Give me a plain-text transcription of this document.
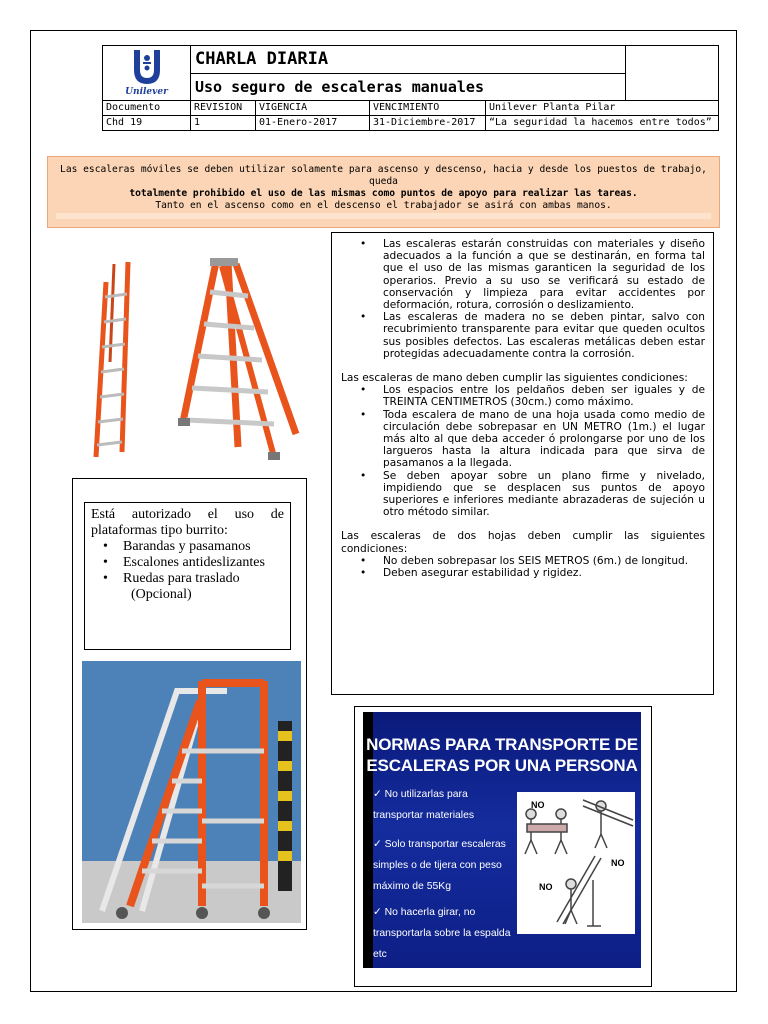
Unilever	CHARLA DIARIA				
	Uso seguro de escaleras manuales				
Documento	REVISION	VIGENCIA	VENCIMIENTO	Unilever Planta Pilar	
Chd 19	1	01-Enero-2017	31-Diciembre-2017	“La seguridad la hacemos entre todos”	

Las escaleras móviles se deben utilizar solamente para ascenso y descenso, hacia y desde los puestos de trabajo, queda

totalmente prohibido el uso de las mismas como puntos de apoyo para realizar las tareas.

Tanto en el ascenso como en el descenso el trabajador se asirá con ambas manos.

• Las escaleras estarán construidas con materiales y diseño adecuados a la función a que se destinarán, en forma tal que el uso de las mismas garanticen la seguridad de los operarios. Previo a su uso se verificará su estado de conservación y limpieza para evitar accidentes por deformación, rotura, corrosión o deslizamiento.
• Las escaleras de madera no se deben pintar, salvo con recubrimiento transparente para evitar que queden ocultos sus posibles defectos. Las escaleras metálicas deben estar protegidas adecuadamente contra la corrosión.

Las escaleras de mano deben cumplir las siguientes condiciones:

• Los espacios entre los peldaños deben ser iguales y de TREINTA CENTIMETROS (30cm.) como máximo.
• Toda escalera de mano de una hoja usada como medio de circulación debe sobrepasar en UN METRO (1m.) el lugar más alto al que deba acceder ó prolongarse por uno de los largueros hasta la altura indicada para que sirva de pasamanos a la llegada.
• Se deben apoyar sobre un plano firme y nivelado, impidiendo que se desplacen sus puntos de apoyo superiores e inferiores mediante abrazaderas de sujeción u otro método similar.

Las escaleras de dos hojas deben cumplir las siguientes condiciones:

• No deben sobrepasar los SEIS METROS (6m.) de longitud.
• Deben asegurar estabilidad y rigidez.

Está autorizado el uso de plataformas tipo burrito:

• Barandas y pasamanos
• Escalones antideslizantes
• Ruedas para traslado
(Opcional)
NORMAS PARA TRANSPORTE DE
ESCALERAS POR UNA PERSONA
✓ No utilizarlas para
transportar materiales
✓ Solo transportar escaleras
simples o de tijera con peso
máximo de 55Kg
✓ No hacerla girar, no
transportarla sobre la espalda
etc
NO
NO
NO
